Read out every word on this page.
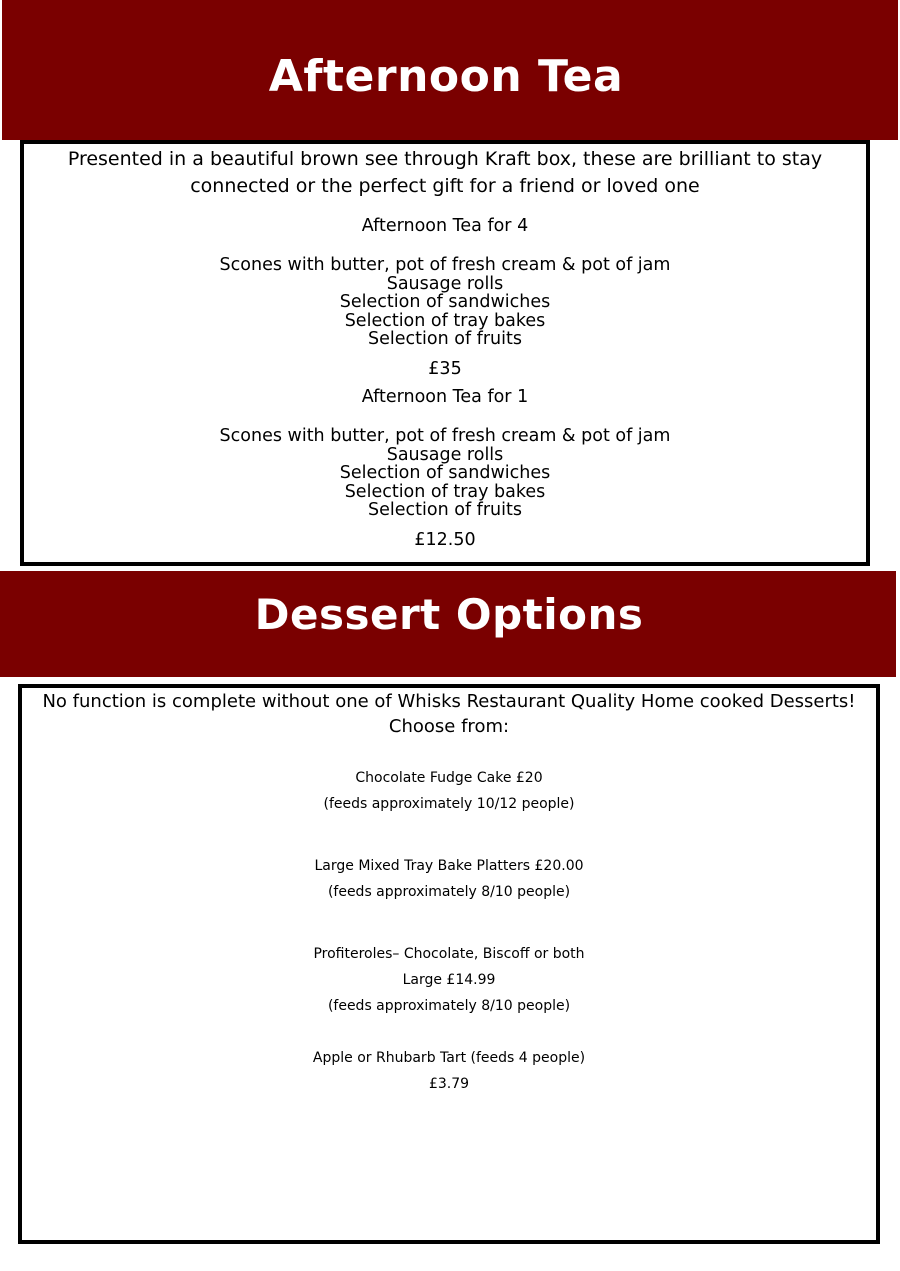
Afternoon Tea
Presented in a beautiful brown see through Kraft box, these are brilliant to stay
connected or the perfect gift for a friend or loved one
Afternoon Tea for 4
Scones with butter, pot of fresh cream & pot of jam
Sausage rolls
Selection of sandwiches
Selection of tray bakes
Selection of fruits
£35
Afternoon Tea for 1
Scones with butter, pot of fresh cream & pot of jam
Sausage rolls
Selection of sandwiches
Selection of tray bakes
Selection of fruits
£12.50
Dessert Options
No function is complete without one of Whisks Restaurant Quality Home cooked Desserts!
Choose from:
Chocolate Fudge Cake £20
(feeds approximately 10/12 people)
Large Mixed Tray Bake Platters £20.00
(feeds approximately 8/10 people)
Profiteroles– Chocolate, Biscoff or both
Large £14.99
(feeds approximately 8/10 people)
Apple or Rhubarb Tart (feeds 4 people)
£3.79
